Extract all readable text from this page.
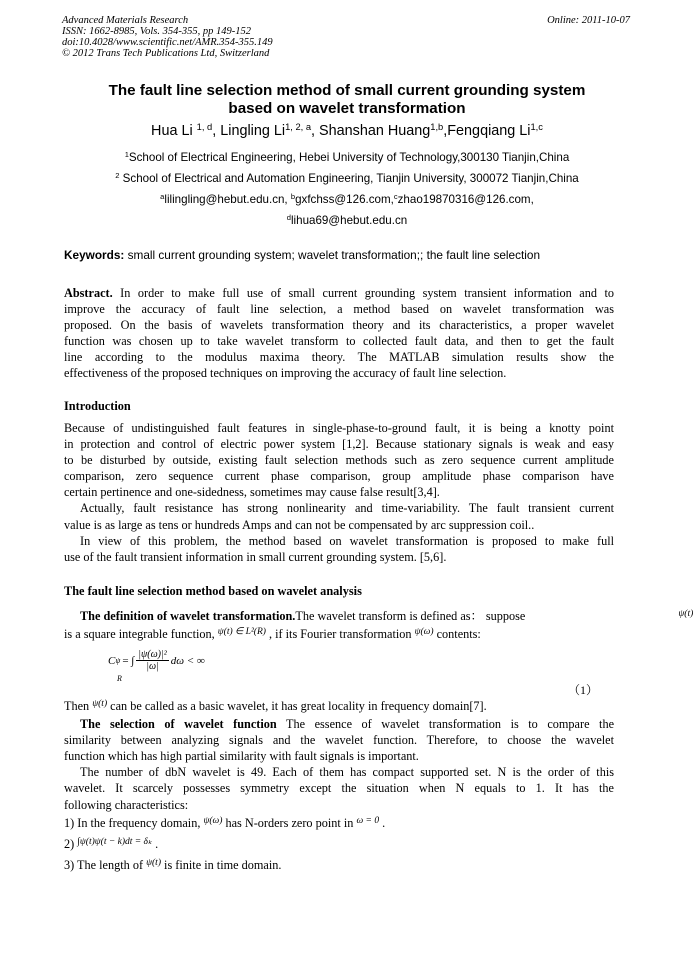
Advanced Materials Research
ISSN: 1662-8985, Vols. 354-355, pp 149-152
doi:10.4028/www.scientific.net/AMR.354-355.149
© 2012 Trans Tech Publications Ltd, Switzerland
Online: 2011-10-07
The fault line selection method of small current grounding system
based on wavelet transformation
Hua Li $^{1, d}$, Lingling Li$^{1, 2, a}$, Shanshan Huang$^{1,b}$,Fengqiang Li$^{1,c}$
$^1$School of Electrical Engineering, Hebei University of Technology,300130 Tianjin,China
$^2$ School of Electrical and Automation Engineering, Tianjin University, 300072 Tianjin,China
$^a$lilingling@hebut.edu.cn, $^b$gxfchss@126.com,$^c$zhao19870316@126.com,
$^d$lihua69@hebut.edu.cn
Keywords: small current grounding system; wavelet transformation;; the fault line selection
Abstract. In order to make full use of small current grounding system transient information and to
improve the accuracy of fault line selection, a method based on wavelet transformation was
proposed. On the basis of wavelets transformation theory and its characteristics, a proper wavelet
function was chosen up to take wavelet transform to collected fault data, and then to get the fault
line according to the modulus maxima theory. The MATLAB simulation results show the
effectiveness of the proposed techniques on improving the accuracy of fault line selection.
Introduction
Because of undistinguished fault features in single-phase-to-ground fault, it is being a knotty point
in protection and control of electric power system [1,2]. Because stationary signals is weak and easy
to be disturbed by outside, existing fault selection methods such as zero sequence current amplitude
comparison, zero sequence current phase comparison, group amplitude phase comparison have
certain pertinence and one-sidedness, sometimes may cause false result[3,4].
Actually, fault resistance has strong nonlinearity and time-variability. The fault transient current
value is as large as tens or hundreds Amps and can not be compensated by arc suppression coil..
In view of this problem, the method based on wavelet transformation is proposed to make full
use of the fault transient information in small current grounding system. [5,6].
The fault line selection method based on wavelet analysis
The definition of wavelet transformation.The wavelet transform is defined as： suppose	$^{\psi(t)}$
is a square integrable function, $^{\psi(t) \in L^2(R)}$ , if its Fourier transformation $^{\psi(\omega)}$ contents:
C ψ = ∫ $\frac{\text{|ψ(ω)|²}}{|\omega|}$ dω < ∞
R
（1）
Then $^{\psi(t)}$ can be called as a basic wavelet, it has great locality in frequency domain[7].
The selection of wavelet function The essence of wavelet transformation is to compare the
similarity between analyzing signals and the wavelet function. Therefore, to choose the wavelet
function which has high partial similarity with fault signals is important.
The number of dbN wavelet is 49. Each of them has compact supported set. N is the order of this
wavelet. It scarcely possesses symmetry except the situation when N equals to 1. It has the
following characteristics:
1) In the frequency domain, $^{\psi(\omega)}$ has N-orders zero point in $^{\omega = 0}$ .
2) $^{\int\psi(t)\psi(t - k)dt = \delta_k}$ .
3) The length of $^{\psi(t)}$ is finite in time domain.
